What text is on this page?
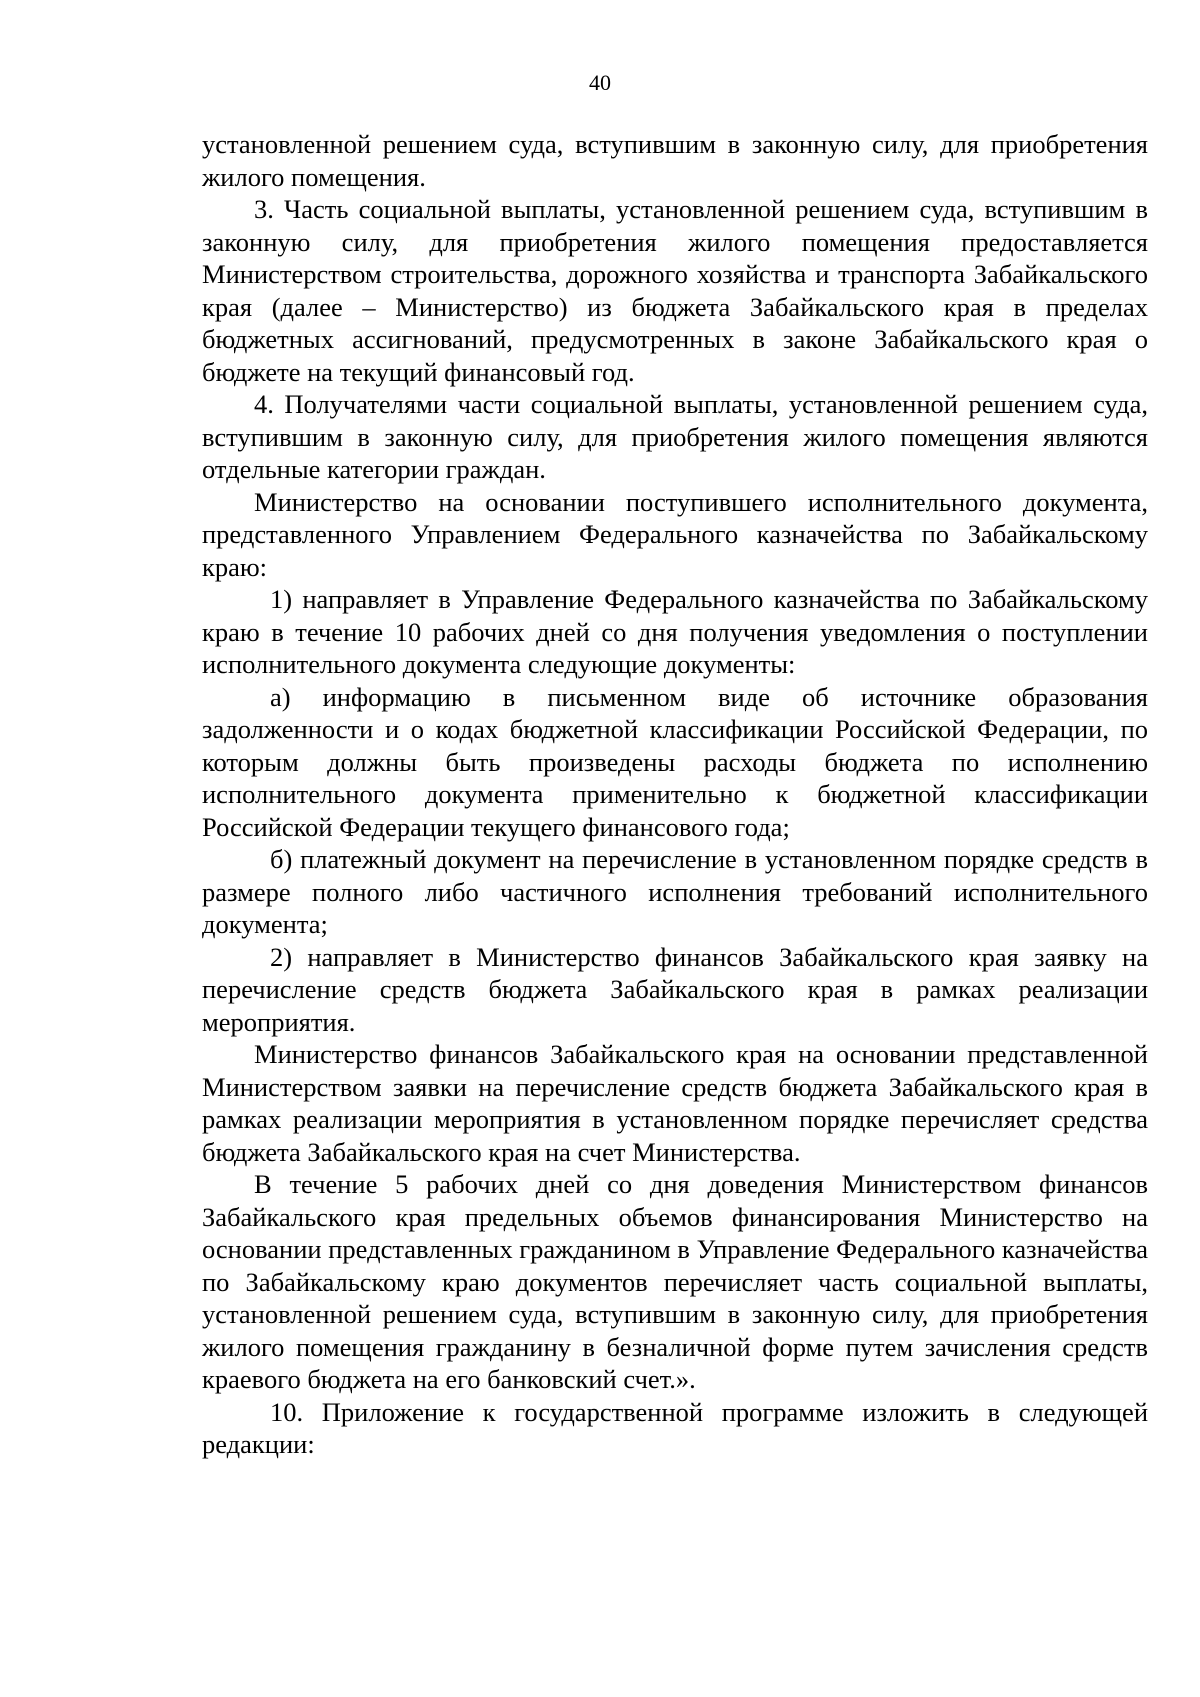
40

установленной решением суда, вступившим в законную силу, для приобретения жилого помещения.

3. Часть социальной выплаты, установленной решением суда, вступившим в законную силу, для приобретения жилого помещения предоставляется Министерством строительства, дорожного хозяйства и транспорта Забайкальского края (далее – Министерство) из бюджета Забайкальского края в пределах бюджетных ассигнований, предусмотренных в законе Забайкальского края о бюджете на текущий финансовый год.

4. Получателями части социальной выплаты, установленной решением суда, вступившим в законную силу, для приобретения жилого помещения являются отдельные категории граждан.

Министерство на основании поступившего исполнительного документа, представленного Управлением Федерального казначейства по Забайкальскому краю:

1) направляет в Управление Федерального казначейства по Забайкальскому краю в течение 10 рабочих дней со дня получения уведомления о поступлении исполнительного документа следующие документы:

а) информацию в письменном виде об источнике образования задолженности и о кодах бюджетной классификации Российской Федерации, по которым должны быть произведены расходы бюджета по исполнению исполнительного документа применительно к бюджетной классификации Российской Федерации текущего финансового года;

б) платежный документ на перечисление в установленном порядке средств в размере полного либо частичного исполнения требований исполнительного документа;

2) направляет в Министерство финансов Забайкальского края заявку на перечисление средств бюджета Забайкальского края в рамках реализации мероприятия.

Министерство финансов Забайкальского края на основании представленной Министерством заявки на перечисление средств бюджета Забайкальского края в рамках реализации мероприятия в установленном порядке перечисляет средства бюджета Забайкальского края на счет Министерства.

В течение 5 рабочих дней со дня доведения Министерством финансов Забайкальского края предельных объемов финансирования Министерство на основании представленных гражданином в Управление Федерального казначейства по Забайкальскому краю документов перечисляет часть социальной выплаты, установленной решением суда, вступившим в законную силу, для приобретения жилого помещения гражданину в безналичной форме путем зачисления средств краевого бюджета на его банковский счет.».

10. Приложение к государственной программе изложить в следующей редакции:
